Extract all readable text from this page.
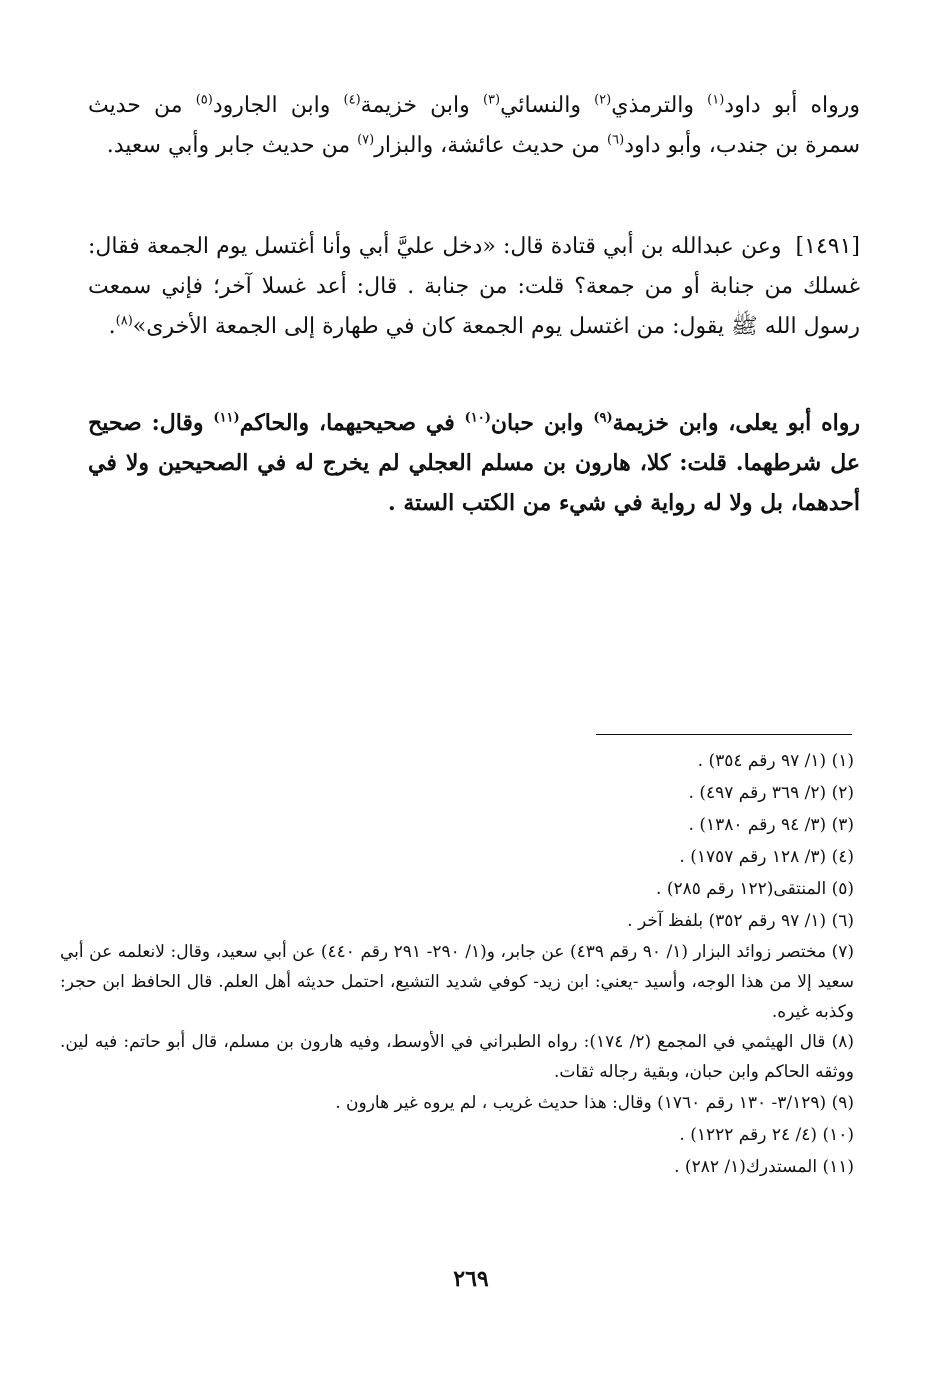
ورواه أبو داود$^{(١)}$ والترمذي$^{(٢)}$ والنسائي$^{(٣)}$ وابن خزيمة$^{(٤)}$ وابن الجارود$^{(٥)}$ من حديث سمرة بن جندب، وأبو داود$^{(٦)}$ من حديث عائشة، والبزار$^{(٧)}$ من حديث جابر وأبي سعيد.

[١٤٩١]وعن عبدالله بن أبي قتادة قال: «دخل عليَّ أبي وأنا أغتسل يوم الجمعة فقال: غسلك من جنابة أو من جمعة؟ قلت: من جنابة . قال: أعد غسلا آخر؛ فإني سمعت رسول الله ﷺ يقول: من اغتسل يوم الجمعة كان في طهارة إلى الجمعة الأخرى»$^{(٨)}$.

رواه أبو يعلى، وابن خزيمة$^{(٩)}$ وابن حبان$^{(١٠)}$ في صحيحيهما، والحاكم$^{(١١)}$ وقال: صحيح عل شرطهما. قلت: كلا، هارون بن مسلم العجلي لم يخرج له في الصحيحين ولا في أحدهما، بل ولا له رواية في شيء من الكتب الستة .

(١) (١/ ٩٧ رقم ٣٥٤) .
(٢) (٢/ ٣٦٩ رقم ٤٩٧) .
(٣) (٣/ ٩٤ رقم ١٣٨٠) .
(٤) (٣/ ١٢٨ رقم ١٧٥٧) .
(٥) المنتقى(١٢٢ رقم ٢٨٥) .
(٦) (١/ ٩٧ رقم ٣٥٢) بلفظ آخر .
(٧) مختصر زوائد البزار (١/ ٩٠ رقم ٤٣٩) عن جابر، و(١/ ٢٩٠- ٢٩١ رقم ٤٤٠) عن أبي سعيد، وقال: لانعلمه عن أبي سعيد إلا من هذا الوجه، وأسيد -يعني: ابن زيد- كوفي شديد التشيع، احتمل حديثه أهل العلم. قال الحافظ ابن حجر: وكذبه غيره.
(٨) قال الهيثمي في المجمع (٢/ ١٧٤): رواه الطبراني في الأوسط، وفيه هارون بن مسلم، قال أبو حاتم: فيه لين. ووثقه الحاكم وابن حبان، وبقية رجاله ثقات.
(٩) (٣/١٢٩- ١٣٠ رقم ١٧٦٠) وقال: هذا حديث غريب ، لم يروه غير هارون .
(١٠) (٤/ ٢٤ رقم ١٢٢٢) .
(١١) المستدرك(١/ ٢٨٢) .
٢٦٩
